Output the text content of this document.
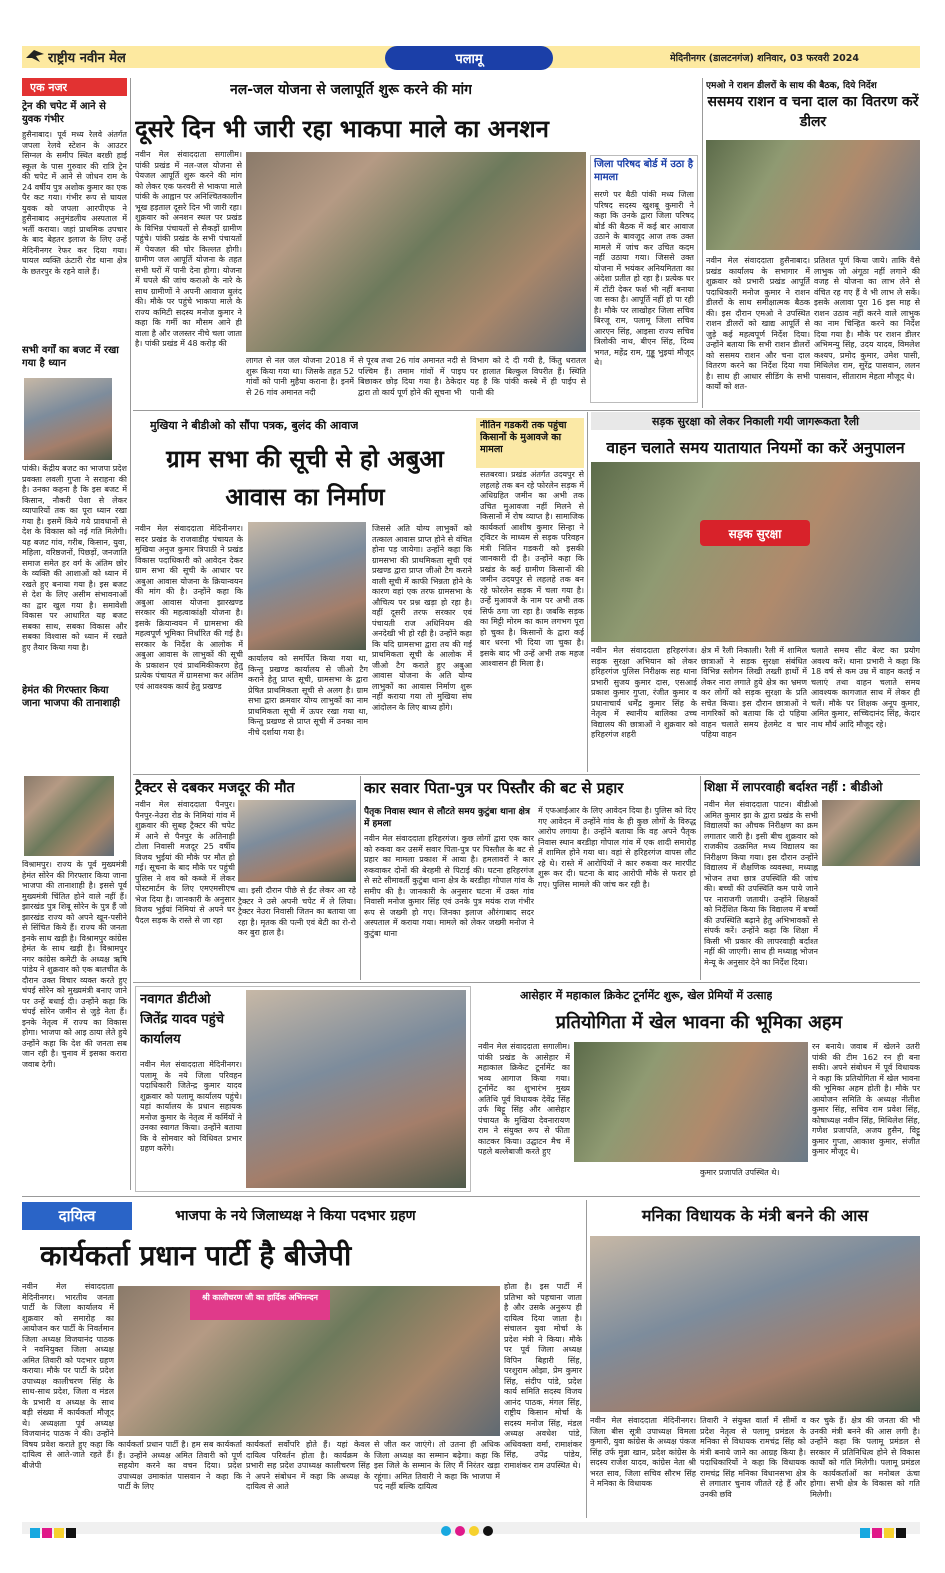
राष्ट्रीय नवीन मेल	पलामू	मेदिनीनगर (डालटनगंज) शनिवार, 03 फरवरी 2024
एक नजर
ट्रेन की चपेट में आने से युवक गंभीर
हुसैनाबाद। पूर्व मध्य रेलवे अंतर्गत जपला रेलवे स्टेशन के आउटर सिग्नल के समीप स्थित बरछी हाई स्कूल के पास गुरुवार की रात्रि ट्रेन की चपेट में आने से जोधन राम के 24 वर्षीय पुत्र अशोक कुमार का एक पैर कट गया। गंभीर रूप से घायल युवक को जपला आरपीएफ ने हुसैनाबाद अनुमंडलीय अस्पताल में भर्ती कराया। जहां प्राथमिक उपचार के बाद बेहतर इलाज के लिए उन्हें मेदिनीनगर रेफर कर दिया गया। घायल व्यक्ति ऊंटारी रोड थाना क्षेत्र के छतरपुर के रहने वाले हैं।
सभी वर्गों का बजट में रखा गया है ध्यान
पांकी। केंद्रीय बजट का भाजपा प्रदेश प्रवक्ता लवली गुप्ता ने सराहना की है। उनका कहना है कि इस बजट में किसान, नौकरी पेशा से लेकर व्यापारियों तक का पूरा ध्यान रखा गया है। इसमें किये गये प्रावधानों से देश के विकास को नई गति मिलेगी। यह बजट गांव, गरीब, किसान, युवा, महिला, वरिष्ठजनों, पिछड़ों, जनजाति समाज समेत हर वर्ग के अंतिम छोर के व्यक्ति की आशाओं को ध्यान में रखते हुए बनाया गया है। इस बजट से देश के लिए असीम संभावनाओं का द्वार खुल गया है। समावेशी विकास पर आधारित यह बजट सबका साथ, सबका विकास और सबका विश्वास को ध्यान में रखते हुए तैयार किया गया है।
हेमंत की गिरफ्तार किया जाना भाजपा की तानाशाही
विश्रामपुर। राज्य के पूर्व मुख्यमंत्री हेमंत सोरेन की गिरफ्तार किया जाना भाजपा की तानाशाही है। इससे पूर्व मुख्यमंत्री चिंतित होने वाले नहीं हैं। झारखंड पुत्र शिबू सोरेन के पुत्र हैं जो झारखंड राज्य को अपने खून-पसीने से सिंचित किये हैं। राज्य की जनता इनके साथ खड़ी है। विश्रामपुर कांग्रेस हेमंत के साथ खड़ी है। विश्रामपुर नगर कांग्रेस कमेटी के अध्यक्ष ऋषि पांडेय ने शुक्रवार को एक बातचीत के दौरान उक्त विचार व्यक्त करते हुए चंपई सोरेन को मुख्यमंत्री बनाए जाने पर उन्हें बधाई दी। उन्होंने कहा कि चंपई सोरेन जमीन से जुड़े नेता हैं। इनके नेतृत्व में राज्य का विकास होगा। भाजपा को आइ ठाया लेते हुये उन्होंने कहा कि देश की जनता सब जान रही है। चुनाव में इसका करारा जवाब देगी।
नल-जल योजना से जलापूर्ति शुरू करने की मांग
दूसरे दिन भी जारी रहा भाकपा माले का अनशन
नवीन मेल संवाददाता सगालीम। पांकी प्रखंड में नल-जल योजना से पेयजल आपूर्ति शुरू करने की मांग को लेकर एक फरवरी से भाकपा माले पांकी के आह्वान पर अनिश्चितकालीन भूख हड़ताल दूसरे दिन भी जारी रहा। शुक्रवार को अनशन स्थल पर प्रखंड के विभिन्न पंचायतों से सैकड़ों ग्रामीण पहुंचे। पांकी प्रखंड के सभी पंचायतों में पेयजल की घोर किल्लत होगी। ग्रामीण जल आपूर्ति योजना के तहत सभी घरों में पानी देना होगा। योजना में घपले की जांच कराओ के नारे के साथ ग्रामीणों ने अपनी आवाज बुलंद की। मौके पर पहुंचे भाकपा माले के राज्य कमिटी सदस्य मनोज कुमार ने कहा कि गर्मी का मौसम आने ही वाला है और जलस्तर नीचे चला जाता है। पांकी प्रखंड में 48 करोड़ की
लागत से नल जल योजना 2018 में शुरू किया गया था। जिसके तहत 52 गांवों को पानी मुहैया कराना है। इनमें से 26 गांव अमानत नदी
से पूरब तथा 26 गांव अमानत नदी से पश्चिम हैं। तमाम गांवों में पाइप बिछाकर छोड़ दिया गया है। ठेकेदार द्वारा तो कार्य पूर्ण होने की सूचना भी
विभाग को दे दी गयी है, किंतु धरातल पर हालात बिल्कुल विपरीत हैं। स्थिति यह है कि पांकी कस्बे में ही पाईप से पानी की
जिला परिषद बोर्ड में उठा है मामला
सरणे पर बैठी पांकी मध्य जिला परिषद सदस्य खुशबू कुमारी ने कहा कि उनके द्वारा जिला परिषद बोर्ड की बैठक में कई बार आवाज उठाने के बावजूद आज तक उक्त मामले में जांच कर उचित कदम नहीं उठाया गया। जिससे उक्त योजना में भयंकर अनियमितता का अंदेशा प्रतीत हो रहा है। प्रत्येक घर में टोंटी देकर फर्श भी नहीं बनाया जा सका है। आपूर्ति नहीं हो पा रही है। मौके पर लाखोहर जिला सचिव बिरजू राम, पलामू जिला सचिव आरएन सिंह, आइसा राज्य सचिव त्रिलोकी नाथ, बीएन सिंह, दिव्य भगत, महेंद्र राम, गुड्डू भुइयां मौजूद थे।
एमओ ने राशन डीलरों के साथ की बैठक, दिये निर्देश
ससमय राशन व चना दाल का वितरण करें डीलर
नवीन मेल संवाददाता हुसैनाबाद। प्रखंड कार्यालय के सभागार में शुक्रवार को प्रभारी प्रखंड आपूर्ति पदाधिकारी मनोज कुमार ने राशन डीलरों के साथ समीक्षात्मक बैठक की। इस दौरान एमओ ने उपस्थित राशन डीलरों को खाद्य आपूर्ति से जुड़े कई महत्वपूर्ण निर्देश दिया। उन्होंने बताया कि सभी राशन डीलरों को ससमय राशन और चना दाल वितरण करने का निर्देश दिया गया है। साथ ही आधार सीडिंग के सभी कार्यों को शत-
प्रतिशत पूर्ण किया जाये। ताकि वैसे लाभुक जो अंगूठा नहीं लगाने की वजह से योजना का लाभ लेने से वंचित रह गए हैं वे भी लाभ ले सकें। इसके अलावा पूरा 16 इस माह से राशन उठाव नहीं करने वाले लाभुक का नाम चिन्हित करने का निर्देश दिया गया है। मौके पर राशन डीलर अभिमन्यु सिंह, उदय यादव, विमलेश कश्यप, प्रमोद कुमार, उमेश पासी, मिथिलेश राम, सुरेंद्र पासवान, ललन पासवान, सीताराम मेहता मौजूद थे।
मुखिया ने बीडीओ को सौंपा पत्रक, बुलंद की आवाज
ग्राम सभा की सूची से हो अबुआ आवास का निर्माण
नवीन मेल संवाददाता मेदिनीनगर। सदर प्रखंड के राजवाडीह पंचायत के मुखिया अनुज कुमार त्रिपाठी ने प्रखंड विकास पदाधिकारी को आवेदन देकर ग्राम सभा की सूची के आधार पर अबुआ आवास योजना के क्रियान्वयन की मांग की है। उन्होंने कहा कि अबुआ आवास योजना झारखण्ड सरकार की महत्वाकांक्षी योजना है। इसके क्रियान्वयन में ग्रामसभा की महत्वपूर्ण भूमिका निर्धारित की गई है। सरकार के निर्देश के आलोक में अबुआ आवास के लाभुकों की सूची के प्रकाशन एवं प्राथमिकीकरण हेतु प्रत्येक पंचायत में ग्रामसभा कर अंतिम एवं आवश्यक कार्य हेतु प्रखण्ड
कार्यालय को समर्पित किया गया था, किन्तु प्रखण्ड कार्यालय से जीओ टैग कराने हेतु प्राप्त सूची, ग्रामसभा के द्वारा प्रेषित प्राथमिकता सूची से अलग है। ग्राम सभा द्वारा क्रमवार योग्य लाभुकों का नाम प्राथमिकता सूची में ऊपर रखा गया था, किन्तु प्रखण्ड से प्राप्त सूची में उनका नाम नीचे दर्शाया गया है।
जिससे अति योग्य लाभुकों को तत्काल आवास प्राप्त होने से वंचित होना पड़ जायेगा। उन्होंने कहा कि ग्रामसभा की प्राथमिकता सूची एवं प्रखण्ड द्वारा प्राप्त जीओ टैग कराने वाली सूची में काफी भिन्नता होने के कारण वहां एक तरफ ग्रामसभा के औचित्य पर प्रश्न खड़ा हो रहा है। वहीं दूसरी तरफ सरकार एवं पंचायती राज अधिनियम की अनदेखी भी हो रही है। उन्होंने कहा कि यदि ग्रामसभा द्वारा तय की गई प्राथमिकता सूची के आलोक में जीओ टैग कराते हुए अबुआ आवास योजना के अति योग्य लाभुकों का आवास निर्माण शुरू नहीं कराया गया तो मुखिया संघ आंदोलन के लिए बाध्य होंगे।
नीतिन गडकरी तक पहुंचा किसानों के मुआवजे का मामला
सतबरवा। प्रखंड अंतर्गत उदयपुर से लहलहे तक बन रहे फोरलेन सड़क में अधिग्रहित जमीन का अभी तक उचित मुआवजा नहीं मिलने से किसानों में रोष व्याप्त है। सामाजिक कार्यकर्ता आशीष कुमार सिन्हा ने ट्विटर के माध्यम से सड़क परिवहन मंत्री नितिन गडकरी को इसकी जानकारी दी है। उन्होंने कहा कि प्रखंड के कई ग्रामीण किसानों की जमीन उदयपुर से लहलहे तक बन रहे फोरलेन सड़क में चला गया है। उन्हें मुआवजे के नाम पर अभी तक सिर्फ ठगा जा रहा है। जबकि सड़क का मिट्टी मोरम का काम लगभग पूरा हो चुका है। किसानों के द्वारा कई बार धरना भी दिया जा चुका है। इसके बाद भी उन्हें अभी तक महज आश्वासन ही मिला है।
सड़क सुरक्षा को लेकर निकाली गयी जागरूकता रैली
वाहन चलाते समय यातायात नियमों का करें अनुपालन
सड़क सुरक्षा
नवीन मेल संवाददाता हरिहरगंज। सड़क सुरक्षा अभियान को लेकर हरिहरगंज पुलिस निरीक्षक सह थाना प्रभारी सुजय कुमार दास, एसआई प्रकाश कुमार गुप्ता, रंजीत कुमार व प्रधानाचार्य धर्मेंद्र कुमार सिंह के नेतृत्व में स्थानीय बालिका उच्च विद्यालय की छात्राओं ने शुक्रवार को हरिहरगंज शहरी
क्षेत्र में रैली निकाली। रैली में शामिल छात्राओं ने सड़क सुरक्षा संबंधित विभिन्न स्लोगन लिखी तख्ती हाथों में लेकर नारा लगाते हुये क्षेत्र का भ्रमण कर लोगों को सड़क सुरक्षा के प्रति सचेत किया। इस दौरान छात्राओं ने नागरिकों को बताया कि दो पहिया वाहन चलाते समय हेलमेट व चार पहिया वाहन
चलाते समय सीट बेल्ट का प्रयोग अवश्य करें। थाना प्रभारी ने कहा कि 18 वर्ष से कम उम्र में वाहन कतई न चलाएं तथा वाहन चलाते समय आवश्यक कागजात साथ में लेकर ही चलें। मौके पर शिक्षक अनूप कुमार, अमित कुमार, सच्चिदानंद सिंह, केदार नाथ मौर्य आदि मौजूद रहे।
ट्रैक्टर से दबकर मजदूर की मौत
नवीन मेल संवाददाता पैनपुर। पैनपुर-नेउरा रोड के निमियां गांव में शुक्रवार की सुबह ट्रैक्टर की चपेट में आने से पैनपुर के अतिनाही टोला निवासी मजदूर 25 वर्षीय विजय भुईयां की मौके पर मौत हो गई। सूचना के बाद मौके पर पहुंची पुलिस ने शव को कब्जे में लेकर पोस्टमार्टम के लिए एमएमसीएच भेज दिया है। जानकारी के अनुसार विजय भुईयां निमियां से अपने घर पैदल सड़क के रास्ते से जा रहा
था। इसी दौरान पीछे से ईंट लेकर आ रहे ट्रैक्टर ने उसे अपनी चपेट में ले लिया। ट्रैक्टर नेउरा निवासी जितन का बताया जा रहा है। मृतक की पत्नी एवं बेटी का रो-रो कर बुरा हाल है।
कार सवार पिता-पुत्र पर पिस्तौर की बट से प्रहार
पैतृक निवास स्थान से लौटते समय कुटुंबा थाना क्षेत्र में हमला
नवीन मेल संवाददाता हरिहरगंज। कुछ लोगों द्वारा एक कार को रुकवा कर उसमें सवार पिता-पुत्र पर पिस्तौल के बट से प्रहार का मामला प्रकाश में आया है। हमलावरों ने कार रुकवाकर दोनों की बेरहमी से पिटाई की। घटना हरिहरगंज से सटे सीमावर्ती कुटुंबा थाना क्षेत्र के बरडीहा गोपाल गांव के समीप की है। जानकारी के अनुसार घटना में उक्त गांव निवासी मनोज कुमार सिंह एवं उनके पुत्र मयंक राज गंभीर रूप से जख्मी हो गए। जिनका इलाज औरंगाबाद सदर अस्पताल में कराया गया। मामले को लेकर जख्मी मनोज ने कुटुंबा थाना
में एफआईआर के लिए आवेदन दिया है। पुलिस को दिए गए आवेदन में उन्होंने गांव के ही कुछ लोगों के विरुद्ध आरोप लगाया है। उन्होंने बताया कि वह अपने पैतृक निवास स्थान बरडीहा गोपाल गांव में एक शादी समारोह में शामिल होने गया था। वहां से हरिहरगंज वापस लौट रहे थे। रास्ते में आरोपियों ने कार रुकवा कर मारपीट शुरू कर दी। घटना के बाद आरोपी मौके से फरार हो गए। पुलिस मामले की जांच कर रही है।
शिक्षा में लापरवाही बर्दाश्त नहीं : बीडीओ
नवीन मेल संवाददाता पाटन। बीडीओ अमित कुमार झा के द्वारा प्रखंड के सभी विद्यालयों का औचक निरीक्षण का क्रम लगातार जारी है। इसी बीच शुक्रवार को राजकीय उत्क्रमित मध्य विद्यालय का निरीक्षण किया गया। इस दौरान उन्होंने विद्यालय में शैक्षणिक व्यवस्था, मध्याह्न भोजन तथा छात्र उपस्थिति की जांच की। बच्चों की उपस्थिति कम पाये जाने पर नाराजगी जतायी। उन्होंने शिक्षकों को निर्देशित किया कि विद्यालय में बच्चों की उपस्थिति बढ़ाने हेतु अभिभावकों से संपर्क करें। उन्होंने कहा कि शिक्षा में किसी भी प्रकार की लापरवाही बर्दाश्त नहीं की जाएगी। साथ ही मध्याह्न भोजन मेन्यू के अनुसार देने का निर्देश दिया।
नवागत डीटीओ जितेंद्र यादव पहुंचे कार्यालय
नवीन मेल संवाददाता मेदिनीनगर। पलामू के नये जिला परिवहन पदाधिकारी जितेन्द्र कुमार यादव शुक्रवार को पलामू कार्यालय पहुंचे। यहां कार्यालय के प्रधान सहायक मनोज कुमार के नेतृत्व में कर्मियों ने उनका स्वागत किया। उन्होंने बताया कि वे सोमवार को विधिवत प्रभार ग्रहण करेंगे।
आसेहार में महाकाल क्रिकेट टूर्नामेंट शुरू, खेल प्रेमियों में उत्साह
प्रतियोगिता में खेल भावना की भूमिका अहम
नवीन मेल संवाददाता सगालीम। पांकी प्रखंड के आसेहार में महाकाल क्रिकेट टूर्नामेंट का भव्य आगाज किया गया। टूर्नामेंट का शुभारंभ मुख्य अतिथि पूर्व विधायक देवेंद्र सिंह उर्फ बिट्टू सिंह और आसेहार पंचायत के मुखिया देवनारायण राम ने संयुक्त रूप से फीता काटकर किया। उद्घाटन मैच में पहले बल्लेबाजी करते हुए
कुमार प्रजापति उपस्थित थे।
रन बनाये। जवाब में खेलने उतरी पांकी की टीम 162 रन ही बना सकी। अपने संबोधन में पूर्व विधायक ने कहा कि प्रतियोगिता में खेल भावना की भूमिका अहम होती है। मौके पर आयोजन समिति के अध्यक्ष नीतीश कुमार सिंह, सचिव राम प्रवेश सिंह, कोषाध्यक्ष नवीन सिंह, मिथिलेश सिंह, गणेश प्रजापति, अजय हुसैन, विट्टू कुमार गुप्ता, आकाश कुमार, संजीत कुमार मौजूद थे।
दायित्व	भाजपा के नये जिलाध्यक्ष ने किया पदभार ग्रहण
कार्यकर्ता प्रधान पार्टी है बीजेपी
नवीन मेल संवाददाता मेदिनीनगर। भारतीय जनता पार्टी के जिला कार्यालय में शुक्रवार को समारोह का आयोजन कर पार्टी के निवर्तमान जिला अध्यक्ष विजयानंद पाठक ने नवनियुक्त जिला अध्यक्ष अमित तिवारी को पदभार ग्रहण कराया। मौके पर पार्टी के प्रदेश उपाध्यक्ष कालीचरण सिंह के साथ-साथ प्रदेश, जिला व मंडल के प्रभारी व अध्यक्ष के साथ बड़ी संख्या में कार्यकर्ता मौजूद थे। अध्यक्षता पूर्व अध्यक्ष विजयानंद पाठक ने की। उन्होंने विषय प्रवेश कराते हुए कहा कि दायित्व से आते-जाते रहते हैं। बीजेपी
श्री कालीचरण जी का हार्दिक अभिनन्दन
कार्यकर्ता प्रधान पार्टी है। हम सब कार्यकर्ता हैं। उन्होंने अध्यक्ष अमित तिवारी को पूर्ण सहयोग करने का वचन दिया। प्रदेश उपाध्यक्ष उमाकांत पासवान ने कहा कि पार्टी के लिए
कार्यकर्ता सर्वोपरि होते हैं। यहां केवल दायित्व परिवर्तन होता है। कार्यक्रम के प्रभारी सह प्रदेश उपाध्यक्ष कालीचरण सिंह ने अपने संबोधन में कहा कि अध्यक्ष के दायित्व से आते
से जीत कर जाएंगे। तो उतना ही अधिक जिला अध्यक्ष का सम्मान बढ़ेगा। कहा कि इस जिले के सम्मान के लिए मैं निरंतर खड़ा रहूंगा। अमित तिवारी ने कहा कि भाजपा में पद नहीं बल्कि दायित्व
होता है। इस पार्टी में प्रतिभा को पहचाना जाता है और उसके अनुरूप ही दायित्व दिया जाता है। संचालन युवा मोर्चा के प्रदेश मंत्री ने किया। मौके पर पूर्व जिला अध्यक्ष विपिन बिहारी सिंह, परशुराम ओझा, प्रेम कुमार सिंह, संदीप पांडे, प्रदेश कार्य समिति सदस्य विजय आनंद पाठक, मंगल सिंह, राष्ट्रीय किसान मोर्चा के सदस्य मनोज सिंह, मंडल अध्यक्ष अवधेश पांडे, अधिवक्ता वर्मा, रामाशंकर सिंह, उपेंद्र पांडेय, रामाशंकर राम उपस्थित थे।
मनिका विधायक के मंत्री बनने की आस
नवीन मेल संवाददाता मेदिनीनगर। जिला बीस सूत्री उपाध्यक्ष विमला कुमारी, युवा कांग्रेस के अध्यक्ष पंकज सिंह उर्फ मुन्ना खान, प्रदेश कांग्रेस के सदस्य राजेश यादव, कांग्रेस नेता श्री भरत साव, जिला सचिव सौरभ सिंह ने मनिका के विधायक
तिवारी ने संयुक्त वार्ता में सीमों व प्रदेश नेतृत्व से पलामू प्रमंडल के मनिका से विधायक रामचंद्र सिंह को मंत्री बनाये जाने का आग्रह किया है। पदाधिकारियों ने कहा कि विधायक रामचंद्र सिंह मनिका विधानसभा क्षेत्र से लगातार चुनाव जीतते रहे हैं और उनकी छवि
कर चुके हैं। क्षेत्र की जनता की भी उनकी मंत्री बनने की आस लगी है। उन्होंने कहा कि पलामू प्रमंडल से सरकार में प्रतिनिधित्व होने से विकास कार्यों को गति मिलेगी। पलामू प्रमंडल के कार्यकर्ताओं का मनोबल ऊंचा होगा। सभी क्षेत्र के विकास को गति मिलेगी।
